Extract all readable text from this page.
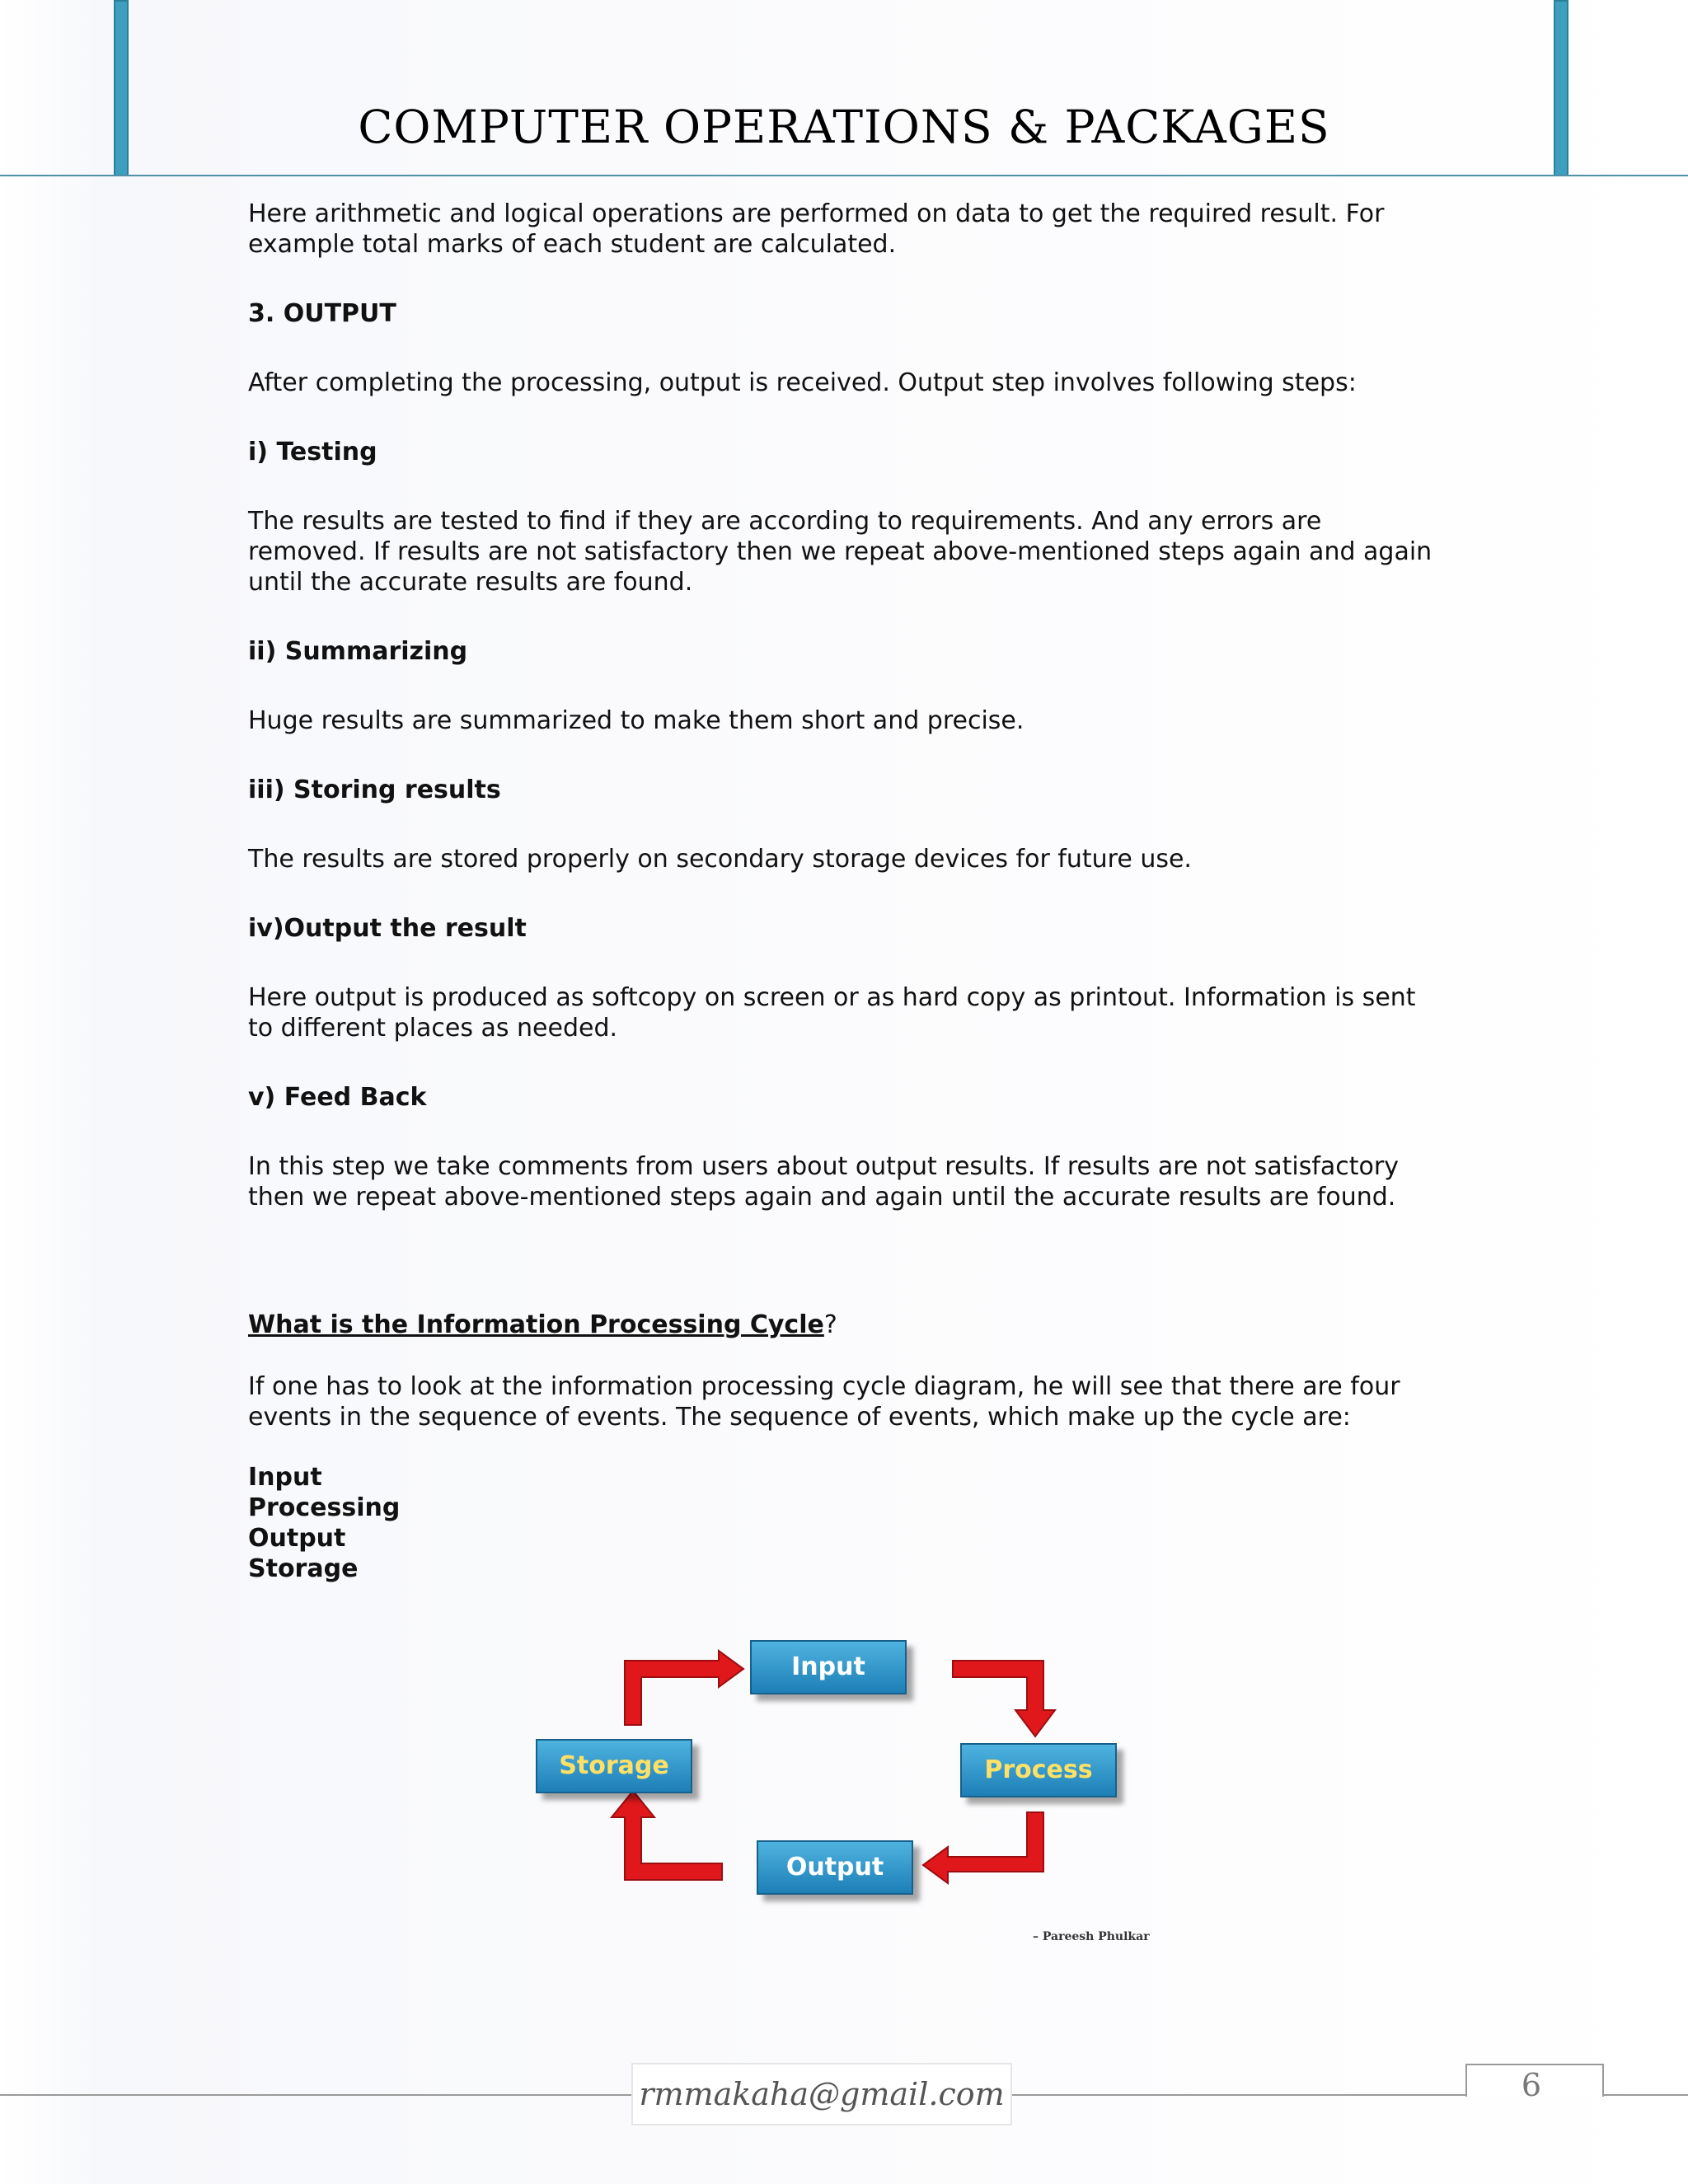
COMPUTER OPERATIONS & PACKAGES

Here arithmetic and logical operations are performed on data to get the required result. For example total marks of each student are calculated.

3. OUTPUT
After completing the processing, output is received. Output step involves following steps:
i) Testing
The results are tested to find if they are according to requirements. And any errors are removed. If results are not satisfactory then we repeat above-mentioned steps again and again until the accurate results are found.
ii) Summarizing
Huge results are summarized to make them short and precise.
iii) Storing results
The results are stored properly on secondary storage devices for future use.
iv)Output the result
Here output is produced as softcopy on screen or as hard copy as printout. Information is sent to different places as needed.
v) Feed Back
In this step we take comments from users about output results. If results are not satisfactory then we repeat above-mentioned steps again and again until the accurate results are found.
What is the Information Processing Cycle?
If one has to look at the information processing cycle diagram, he will see that there are four events in the sequence of events. The sequence of events, which make up the cycle are:
Input
Processing
Output
Storage
Input
Process
Output
Storage
– Pareesh Phulkar
6
rmmakaha@gmail.com
